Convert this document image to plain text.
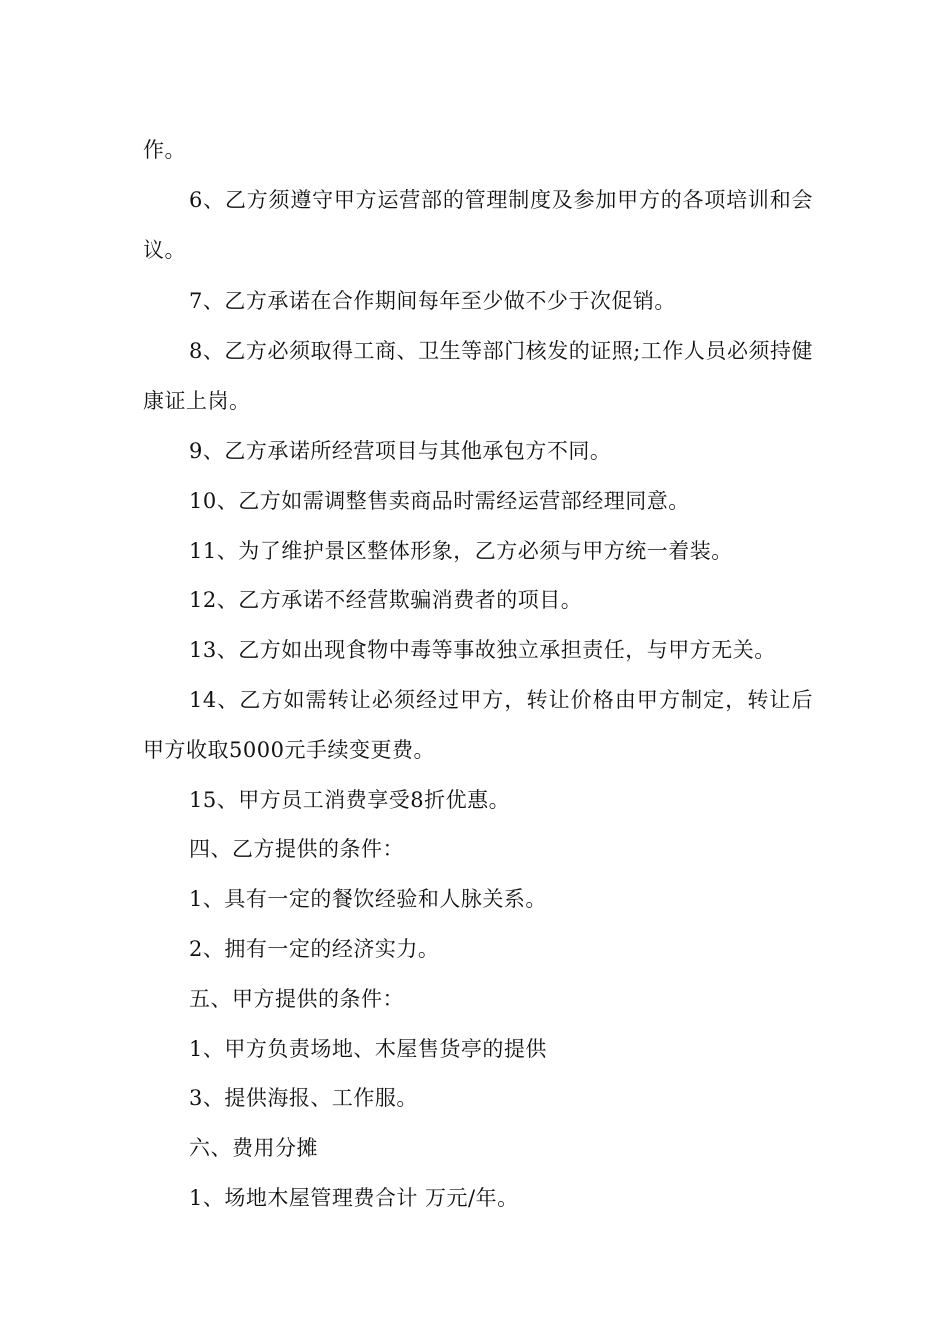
作。

6、乙方须遵守甲方运营部的管理制度及参加甲方的各项培训和会议。

7、乙方承诺在合作期间每年至少做不少于次促销。

8、乙方必须取得工商、卫生等部门核发的证照;工作人员必须持健康证上岗。

9、乙方承诺所经营项目与其他承包方不同。

10、乙方如需调整售卖商品时需经运营部经理同意。

11、为了维护景区整体形象，乙方必须与甲方统一着装。

12、乙方承诺不经营欺骗消费者的项目。

13、乙方如出现食物中毒等事故独立承担责任，与甲方无关。

14、乙方如需转让必须经过甲方，转让价格由甲方制定，转让后甲方收取5000元手续变更费。

15、甲方员工消费享受8折优惠。

四、乙方提供的条件：

1、具有一定的餐饮经验和人脉关系。

2、拥有一定的经济实力。

五、甲方提供的条件：

1、甲方负责场地、木屋售货亭的提供

3、提供海报、工作服。

六、费用分摊

1、场地木屋管理费合计 万元/年。
